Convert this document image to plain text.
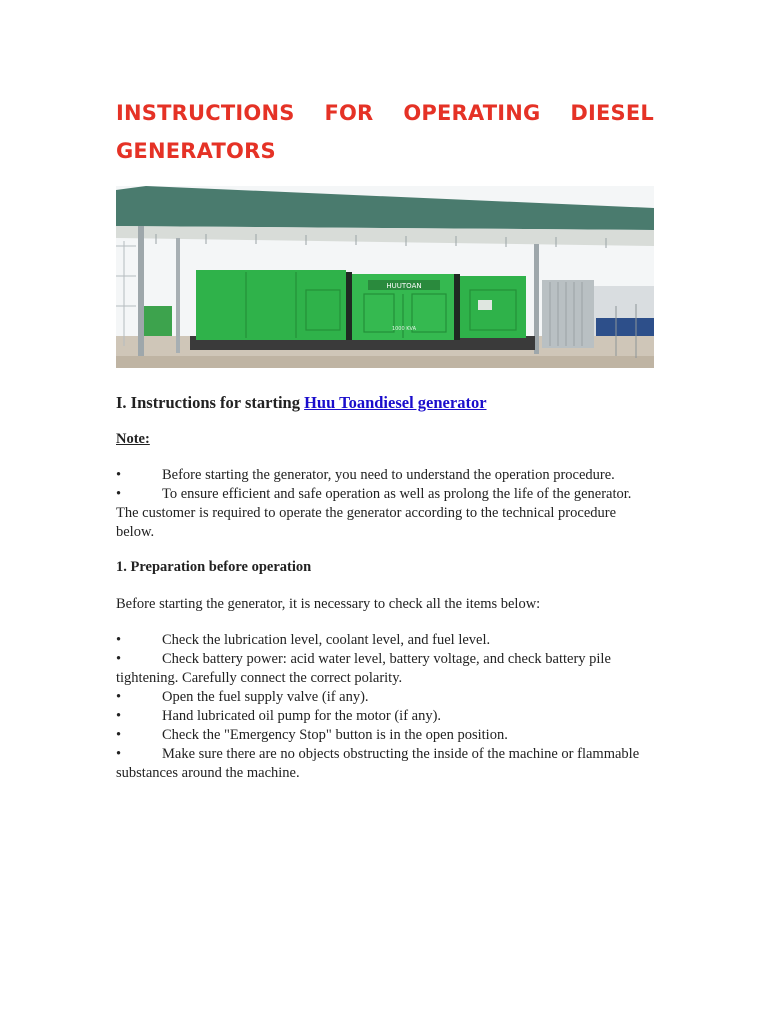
INSTRUCTIONS FOR OPERATING DIESEL GENERATORS
HUUTOAN
1000 KVA
I. Instructions for starting Huu Toandiesel generator
Note:
•	Before starting the generator, you need to understand the operation procedure.
•	To ensure efficient and safe operation as well as prolong the life of the generator. The customer is required to operate the generator according to the technical procedure below.
1. Preparation before operation

Before starting the generator, it is necessary to check all the items below:

•	Check the lubrication level, coolant level, and fuel level.
•	Check battery power: acid water level, battery voltage, and check battery pile tightening. Carefully connect the correct polarity.
•	Open the fuel supply valve (if any).
•	Hand lubricated oil pump for the motor (if any).
•	Check the "Emergency Stop" button is in the open position.
•	Make sure there are no objects obstructing the inside of the machine or flammable substances around the machine.
